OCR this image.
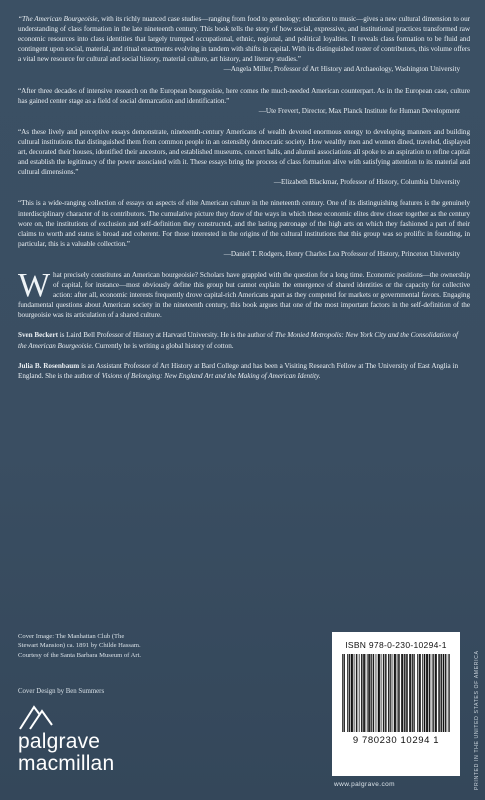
“The American Bourgeoisie, with its richly nuanced case studies—ranging from food to geneology; education to music—gives a new cultural dimension to our understanding of class formation in the late nineteenth century. This book tells the story of how social, expressive, and institutional practices transformed raw economic resources into class identities that largely trumped occupational, ethnic, regional, and political loyalties. It reveals class formation to be fluid and contingent upon social, material, and ritual enactments evolving in tandem with shifts in capital. With its distinguished roster of contributors, this volume offers a vital new resource for cultural and social history, material culture, art history, and literary studies.”

—Angela Miller, Professor of Art History and Archaeology, Washington University

“After three decades of intensive research on the European bourgeoisie, here comes the much-needed American counterpart. As in the European case, culture has gained center stage as a field of social demarcation and identification.”

—Ute Frevert, Director, Max Planck Institute for Human Development

“As these lively and perceptive essays demonstrate, nineteenth-century Americans of wealth devoted enormous energy to developing manners and building cultural institutions that distinguished them from common people in an ostensibly democratic society. How wealthy men and women dined, traveled, displayed art, decorated their houses, identified their ancestors, and established museums, concert halls, and alumni associations all spoke to an aspiration to refine capital and establish the legitimacy of the power associated with it. These essays bring the process of class formation alive with satisfying attention to its material and cultural dimensions.”

—Elizabeth Blackmar, Professor of History, Columbia University

“This is a wide-ranging collection of essays on aspects of elite American culture in the nineteenth century. One of its distinguishing features is the genuinely interdisciplinary character of its contributors. The cumulative picture they draw of the ways in which these economic elites drew closer together as the century wore on, the institutions of exclusion and self-definition they constructed, and the lasting patronage of the high arts on which they fashioned a part of their claims to worth and status is broad and coherent. For those interested in the origins of the cultural institutions that this group was so prolific in founding, in particular, this is a valuable collection.”

—Daniel T. Rodgers, Henry Charles Lea Professor of History, Princeton University
What precisely constitutes an American bourgeoisie? Scholars have grappled with the question for a long time. Economic positions—the ownership of capital, for instance—most obviously define this group but cannot explain the emergence of shared identities or the capacity for collective action: after all, economic interests frequently drove capital-rich Americans apart as they competed for markets or governmental favors. Engaging fundamental questions about American society in the nineteenth century, this book argues that one of the most important factors in the self-definition of the bourgeoisie was its articulation of a shared culture.

Sven Beckert is Laird Bell Professor of History at Harvard University. He is the author of The Monied Metropolis: New York City and the Consolidation of the American Bourgeoisie. Currently he is writing a global history of cotton.

Julia B. Rosenbaum is an Assistant Professor of Art History at Bard College and has been a Visiting Research Fellow at The University of East Anglia in England. She is the author of Visions of Belonging: New England Art and the Making of American Identity.

Cover Image: The Manhattan Club (The
Stewart Mansion) ca. 1891 by Childe Hassam.
Courtesy of the Santa Barbara Museum of Art.
Cover Design by Ben Summers
palgrave
macmillan
ISBN 978-0-230-10294-1
9 780230 10294 1
www.palgrave.com	PRINTED IN THE UNITED STATES OF AMERICA
